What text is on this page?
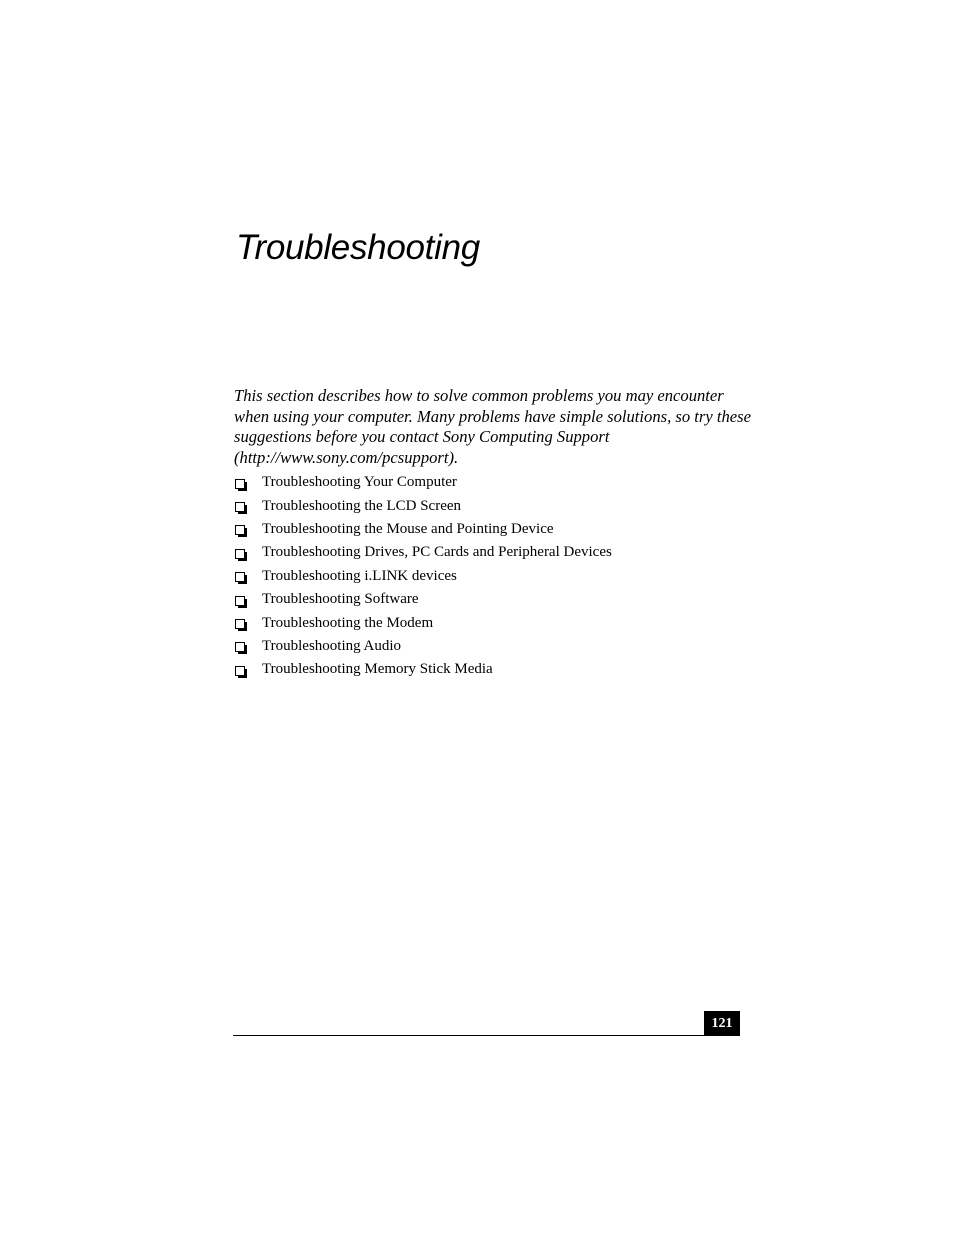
Troubleshooting

This section describes how to solve common problems you may encounter when using your computer. Many problems have simple solutions, so try these suggestions before you contact Sony Computing Support (http://www.sony.com/pcsupport).

Troubleshooting Your Computer
Troubleshooting the LCD Screen
Troubleshooting the Mouse and Pointing Device
Troubleshooting Drives, PC Cards and Peripheral Devices
Troubleshooting i.LINK devices
Troubleshooting Software
Troubleshooting the Modem
Troubleshooting Audio
Troubleshooting Memory Stick Media
121
